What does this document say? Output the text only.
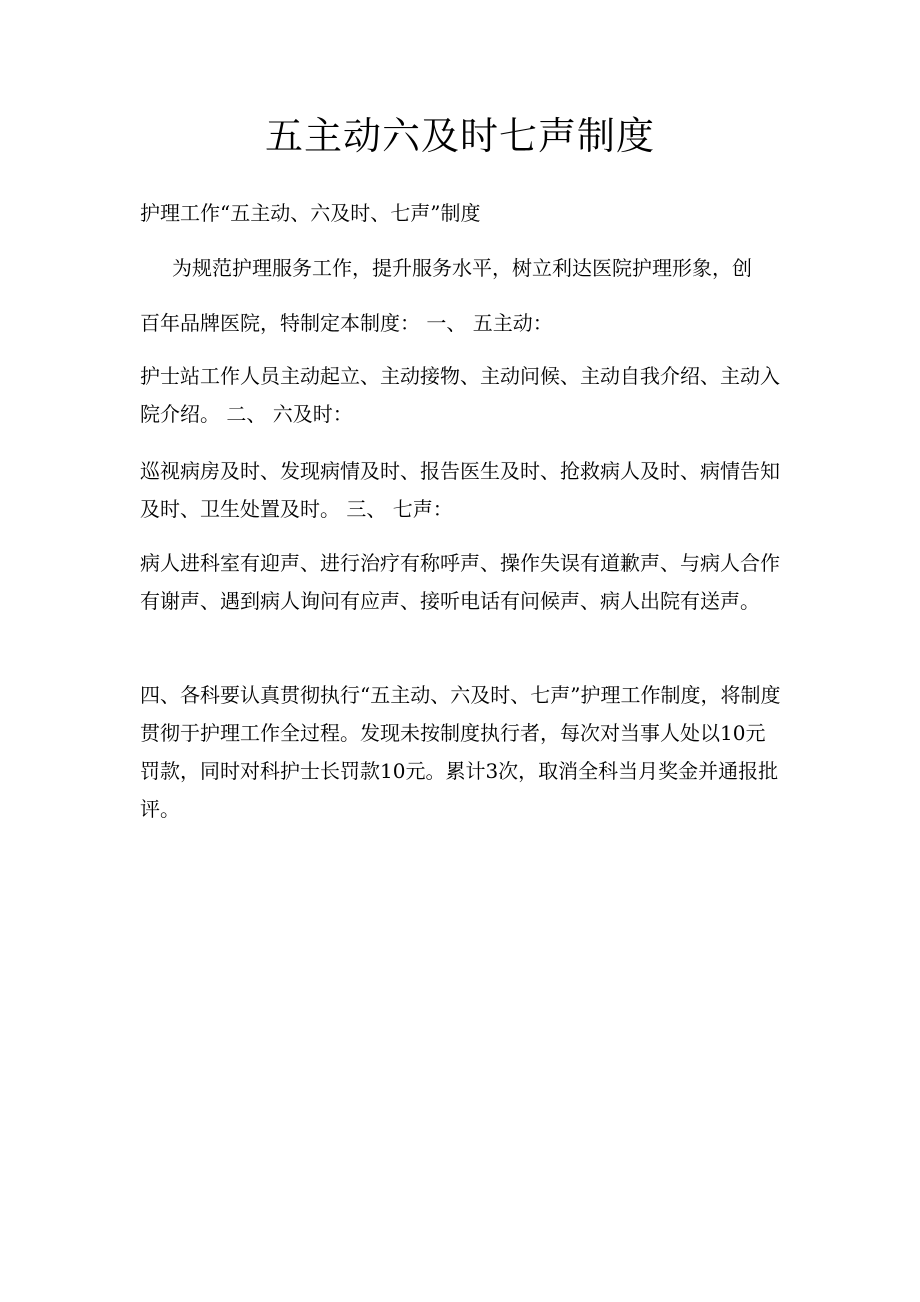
五主动六及时七声制度
护理工作“五主动、六及时、七声”制度
为规范护理服务工作，提升服务水平，树立利达医院护理形象，创
百年品牌医院，特制定本制度： 一、 五主动：
护士站工作人员主动起立、主动接物、主动问候、主动自我介绍、主动入院介绍。 二、 六及时：
巡视病房及时、发现病情及时、报告医生及时、抢救病人及时、病情告知及时、卫生处置及时。 三、 七声：
病人进科室有迎声、进行治疗有称呼声、操作失误有道歉声、与病人合作有谢声、遇到病人询问有应声、接听电话有问候声、病人出院有送声。
四、各科要认真贯彻执行“五主动、六及时、七声”护理工作制度，将制度贯彻于护理工作全过程。发现未按制度执行者，每次对当事人处以10元罚款，同时对科护士长罚款10元。累计3次，取消全科当月奖金并通报批评。
